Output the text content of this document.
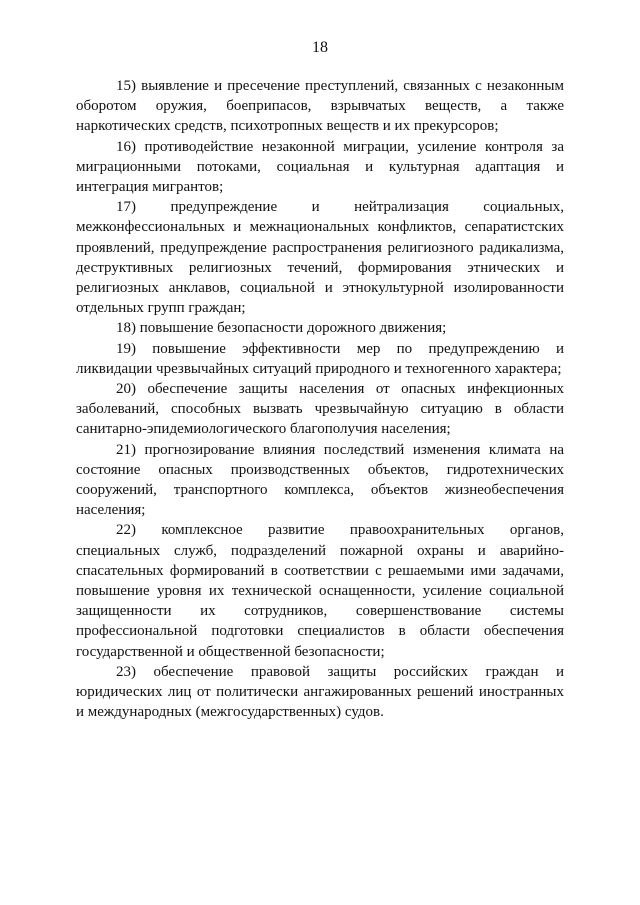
18

15) выявление и пресечение преступлений, связанных с незаконным оборотом оружия, боеприпасов, взрывчатых веществ, а также наркотических средств, психотропных веществ и их прекурсоров;

16) противодействие незаконной миграции, усиление контроля за миграционными потоками, социальная и культурная адаптация и интеграция мигрантов;

17) предупреждение и нейтрализация социальных, межконфессиональных и межнациональных конфликтов, сепаратистских проявлений, предупреждение распространения религиозного радикализма, деструктивных религиозных течений, формирования этнических и религиозных анклавов, социальной и этнокультурной изолированности отдельных групп граждан;

18) повышение безопасности дорожного движения;

19) повышение эффективности мер по предупреждению и ликвидации чрезвычайных ситуаций природного и техногенного характера;

20) обеспечение защиты населения от опасных инфекционных заболеваний, способных вызвать чрезвычайную ситуацию в области санитарно-эпидемиологического благополучия населения;

21) прогнозирование влияния последствий изменения климата на состояние опасных производственных объектов, гидротехнических сооружений, транспортного комплекса, объектов жизнеобеспечения населения;

22) комплексное развитие правоохранительных органов, специальных служб, подразделений пожарной охраны и аварийно-спасательных формирований в соответствии с решаемыми ими задачами, повышение уровня их технической оснащенности, усиление социальной защищенности их сотрудников, совершенствование системы профессиональной подготовки специалистов в области обеспечения государственной и общественной безопасности;

23) обеспечение правовой защиты российских граждан и юридических лиц от политически ангажированных решений иностранных и международных (межгосударственных) судов.
